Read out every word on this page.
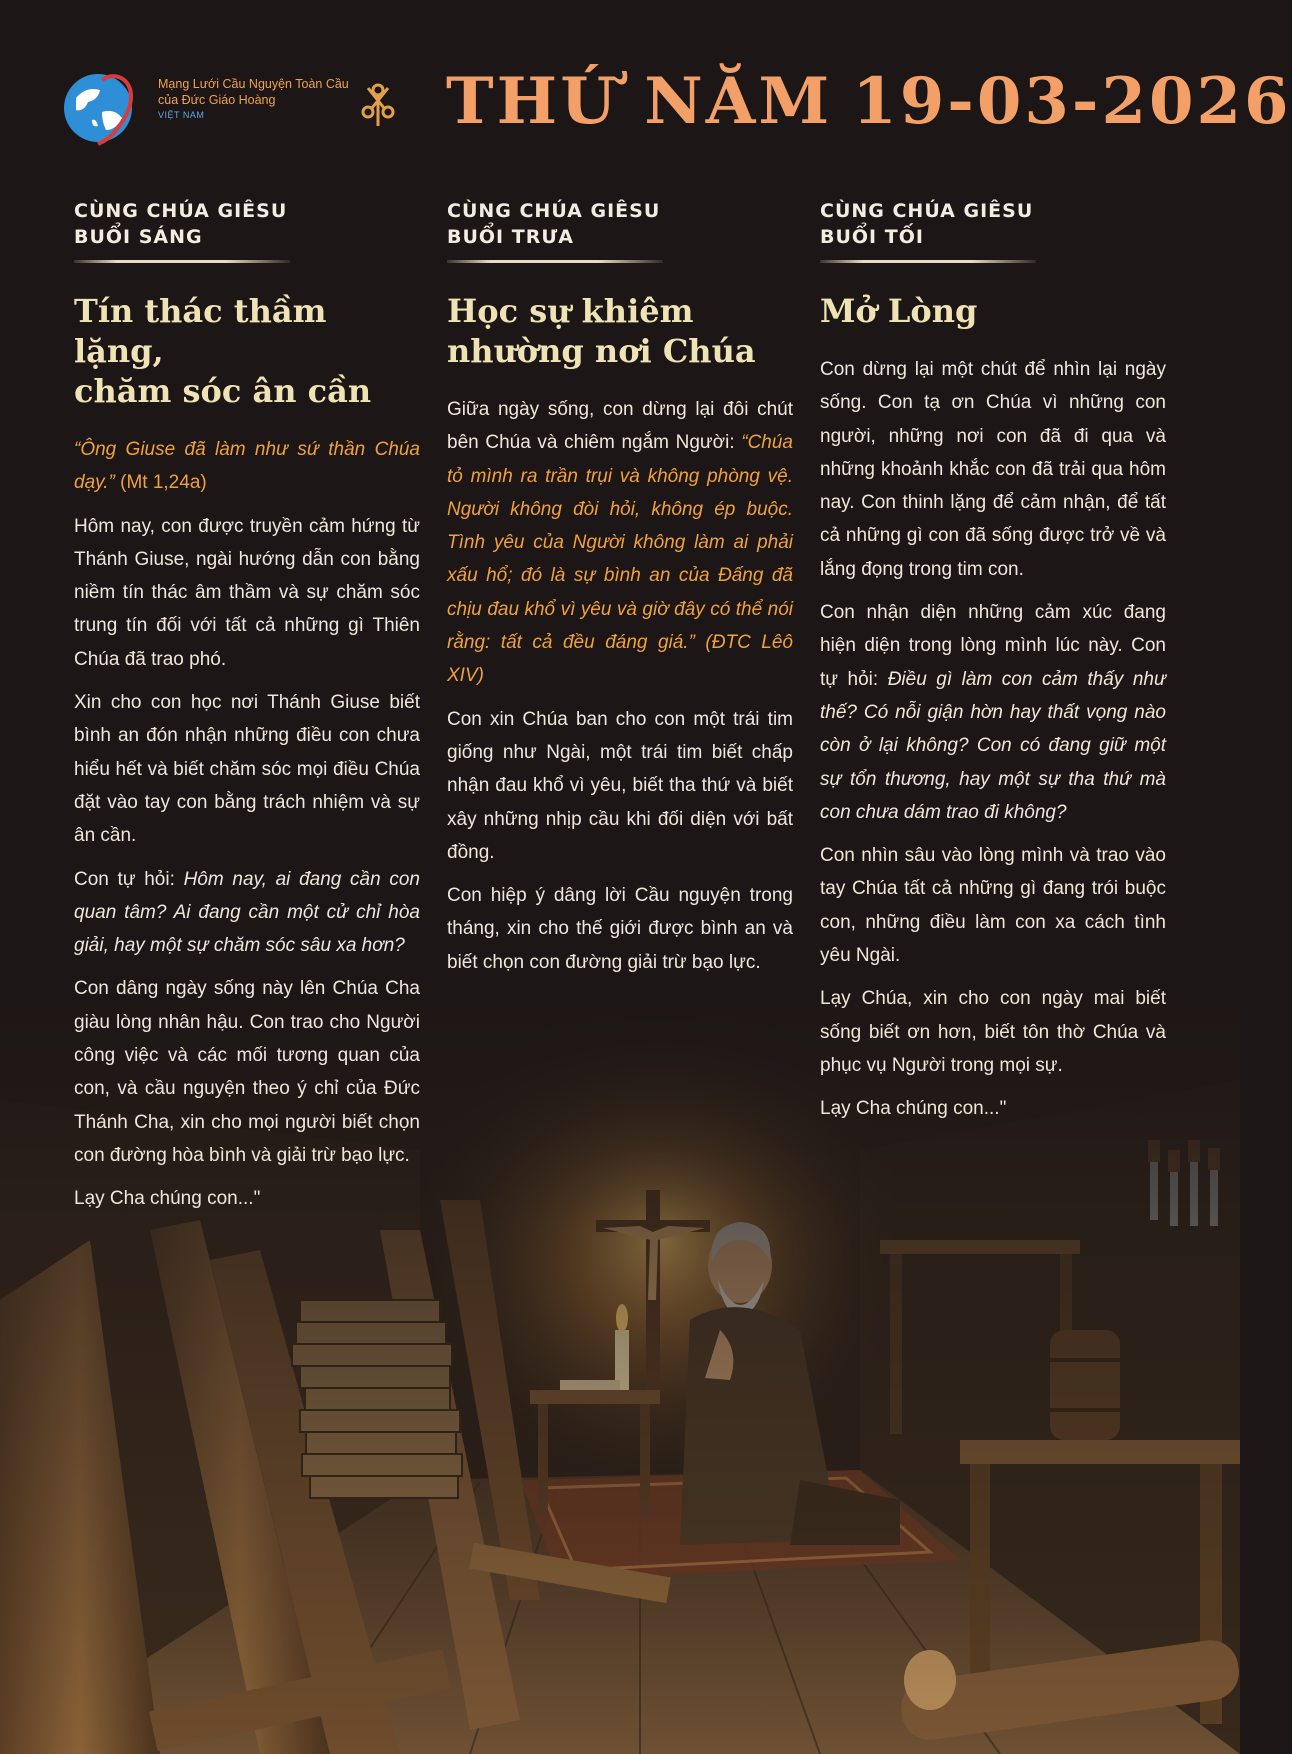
Mạng Lưới Cầu Nguyện Toàn Cầu
của Đức Giáo Hoàng
VIỆT NAM	THỨ NĂM 19-03-2026
CÙNG CHÚA GIÊSU
BUỔI SÁNG
Tín thác thầm lặng,
chăm sóc ân cần

“Ông Giuse đã làm như sứ thần Chúa dạy.” (Mt 1,24a)

Hôm nay, con được truyền cảm hứng từ Thánh Giuse, ngài hướng dẫn con bằng niềm tín thác âm thầm và sự chăm sóc trung tín đối với tất cả những gì Thiên Chúa đã trao phó.

Xin cho con học nơi Thánh Giuse biết bình an đón nhận những điều con chưa hiểu hết và biết chăm sóc mọi điều Chúa đặt vào tay con bằng trách nhiệm và sự ân cần.

Con tự hỏi: Hôm nay, ai đang cần con quan tâm? Ai đang cần một cử chỉ hòa giải, hay một sự chăm sóc sâu xa hơn?

Con dâng ngày sống này lên Chúa Cha giàu lòng nhân hậu. Con trao cho Người công việc và các mối tương quan của con, và cầu nguyện theo ý chỉ của Đức Thánh Cha, xin cho mọi người biết chọn con đường hòa bình và giải trừ bạo lực.

Lạy Cha chúng con..."

CÙNG CHÚA GIÊSU
BUỔI TRƯA
Học sự khiêm
nhường nơi Chúa

Giữa ngày sống, con dừng lại đôi chút bên Chúa và chiêm ngắm Người: “Chúa tỏ mình ra trần trụi và không phòng vệ. Người không đòi hỏi, không ép buộc. Tình yêu của Người không làm ai phải xấu hổ; đó là sự bình an của Đấng đã chịu đau khổ vì yêu và giờ đây có thể nói rằng: tất cả đều đáng giá.” (ĐTC Lêô XIV)

Con xin Chúa ban cho con một trái tim giống như Ngài, một trái tim biết chấp nhận đau khổ vì yêu, biết tha thứ và biết xây những nhịp cầu khi đối diện với bất đồng.

Con hiệp ý dâng lời Cầu nguyện trong tháng, xin cho thế giới được bình an và biết chọn con đường giải trừ bạo lực.

CÙNG CHÚA GIÊSU
BUỔI TỐI
Mở Lòng

Con dừng lại một chút để nhìn lại ngày sống. Con tạ ơn Chúa vì những con người, những nơi con đã đi qua và những khoảnh khắc con đã trải qua hôm nay. Con thinh lặng để cảm nhận, để tất cả những gì con đã sống được trở về và lắng đọng trong tim con.

Con nhận diện những cảm xúc đang hiện diện trong lòng mình lúc này. Con tự hỏi: Điều gì làm con cảm thấy như thế? Có nỗi giận hờn hay thất vọng nào còn ở lại không? Con có đang giữ một sự tổn thương, hay một sự tha thứ mà con chưa dám trao đi không?

Con nhìn sâu vào lòng mình và trao vào tay Chúa tất cả những gì đang trói buộc con, những điều làm con xa cách tình yêu Ngài.

Lạy Chúa, xin cho con ngày mai biết sống biết ơn hơn, biết tôn thờ Chúa và phục vụ Người trong mọi sự.

Lạy Cha chúng con..."
